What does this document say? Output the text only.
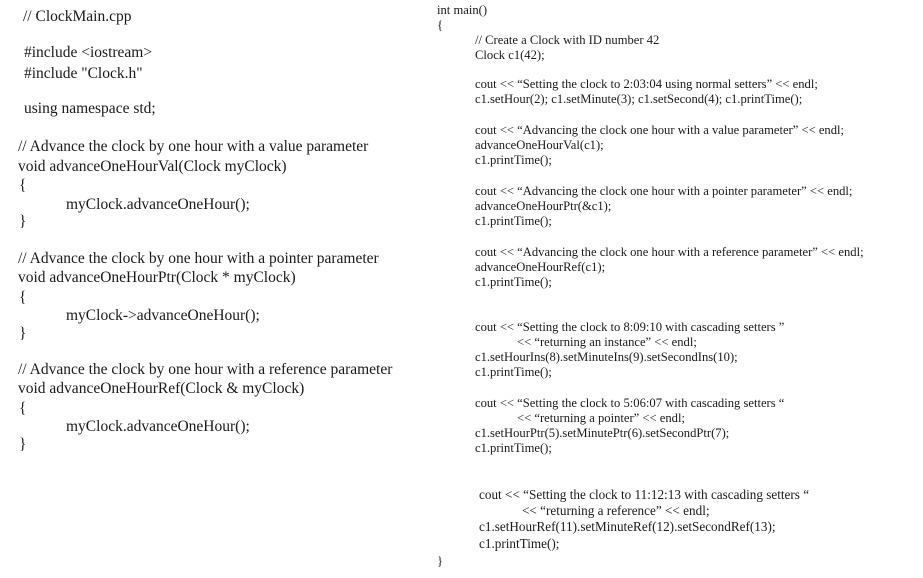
// ClockMain.cpp
#include <iostream>
#include "Clock.h"
using namespace std;
// Advance the clock by one hour with a value parameter
void advanceOneHourVal(Clock myClock)
{
myClock.advanceOneHour();
}
// Advance the clock by one hour with a pointer parameter
void advanceOneHourPtr(Clock * myClock)
{
myClock->advanceOneHour();
}
// Advance the clock by one hour with a reference parameter
void advanceOneHourRef(Clock & myClock)
{
myClock.advanceOneHour();
}
int main()
{
// Create a Clock with ID number 42
Clock c1(42);
cout << “Setting the clock to 2:03:04 using normal setters” << endl;
c1.setHour(2); c1.setMinute(3); c1.setSecond(4); c1.printTime();
cout << “Advancing the clock one hour with a value parameter” << endl;
advanceOneHourVal(c1);
c1.printTime();
cout << “Advancing the clock one hour with a pointer parameter” << endl;
advanceOneHourPtr(&c1);
c1.printTime();
cout << “Advancing the clock one hour with a reference parameter” << endl;
advanceOneHourRef(c1);
c1.printTime();
cout << “Setting the clock to 8:09:10 with cascading setters ”
<< “returning an instance” << endl;
c1.setHourIns(8).setMinuteIns(9).setSecondIns(10);
c1.printTime();
cout << “Setting the clock to 5:06:07 with cascading setters “
<< “returning a pointer” << endl;
c1.setHourPtr(5).setMinutePtr(6).setSecondPtr(7);
c1.printTime();
cout << “Setting the clock to 11:12:13 with cascading setters “
<< “returning a reference” << endl;
c1.setHourRef(11).setMinuteRef(12).setSecondRef(13);
c1.printTime();
}
